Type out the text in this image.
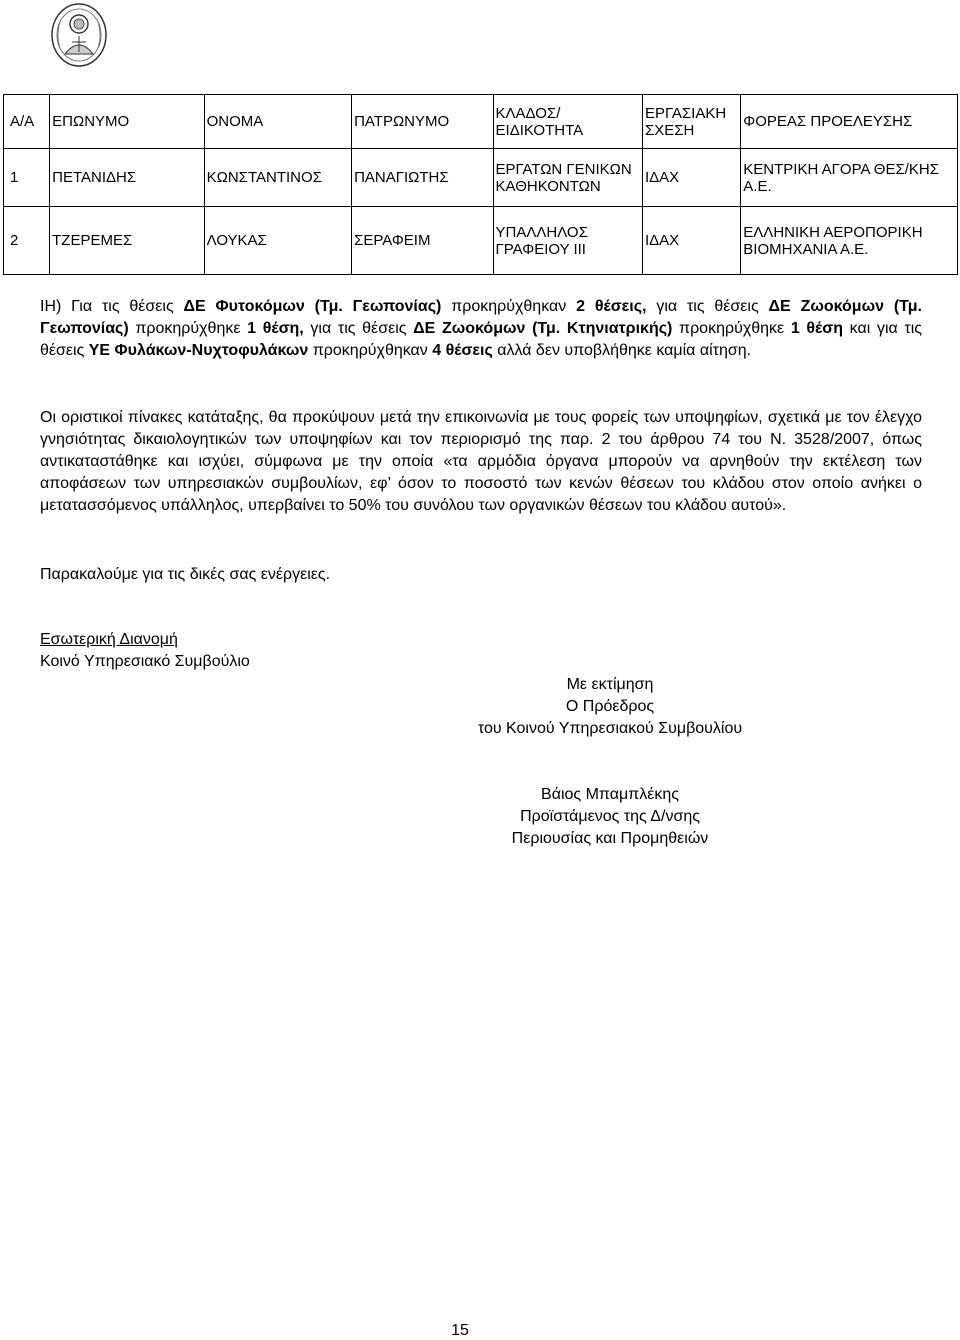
Α/Α	ΕΠΩΝΥΜΟ	ΟΝΟΜΑ	ΠΑΤΡΩΝΥΜΟ	ΚΛΑΔΟΣ/ ΕΙΔΙΚΟΤΗΤΑ	ΕΡΓΑΣΙΑΚΗ ΣΧΕΣΗ	ΦΟΡΕΑΣ ΠΡΟΕΛΕΥΣΗΣ

1	ΠΕΤΑΝΙΔΗΣ	ΚΩΝΣΤΑΝΤΙΝΟΣ	ΠΑΝΑΓΙΩΤΗΣ	ΕΡΓΑΤΩΝ ΓΕΝΙΚΩΝ ΚΑΘΗΚΟΝΤΩΝ	ΙΔΑΧ	ΚΕΝΤΡΙΚΗ ΑΓΟΡΑ ΘΕΣ/ΚΗΣ Α.Ε.

2	ΤΖΕΡΕΜΕΣ	ΛΟΥΚΑΣ	ΣΕΡΑΦΕΙΜ	ΥΠΑΛΛΗΛΟΣ ΓΡΑΦΕΙΟΥ ΙΙΙ	ΙΔΑΧ	ΕΛΛΗΝΙΚΗ ΑΕΡΟΠΟΡΙΚΗ ΒΙΟΜΗΧΑΝΙΑ Α.Ε.
ΙΗ) Για τις θέσεις ΔΕ Φυτοκόμων (Τμ. Γεωπονίας) προκηρύχθηκαν 2 θέσεις, για τις θέσεις ΔΕ Ζωοκόμων (Τμ. Γεωπονίας) προκηρύχθηκε 1 θέση, για τις θέσεις ΔΕ Ζωοκόμων (Τμ. Κτηνιατρικής) προκηρύχθηκε 1 θέση και για τις θέσεις ΥΕ Φυλάκων-Νυχτοφυλάκων προκηρύχθηκαν 4 θέσεις αλλά δεν υποβλήθηκε καμία αίτηση.
Οι οριστικοί πίνακες κατάταξης, θα προκύψουν μετά την επικοινωνία με τους φορείς των υποψηφίων, σχετικά με τον έλεγχο γνησιότητας δικαιολογητικών των υποψηφίων και τον περιορισμό της παρ. 2 του άρθρου 74 του Ν. 3528/2007, όπως αντικαταστάθηκε και ισχύει, σύμφωνα με την οποία «τα αρμόδια όργανα μπορούν να αρνηθούν την εκτέλεση των αποφάσεων των υπηρεσιακών συμβουλίων, εφ’ όσον το ποσοστό των κενών θέσεων του κλάδου στον οποίο ανήκει ο μετατασσόμενος υπάλληλος, υπερβαίνει το 50% του συνόλου των οργανικών θέσεων του κλάδου αυτού».
Παρακαλούμε για τις δικές σας ενέργειες.
Εσωτερική Διανομή
Κοινό Υπηρεσιακό Συμβούλιο
Με εκτίμηση
Ο Πρόεδρος
του Κοινού Υπηρεσιακού Συμβουλίου
Βάιος Μπαμπλέκης
Προϊστάμενος της Δ/νσης
Περιουσίας και Προμηθειών
15
